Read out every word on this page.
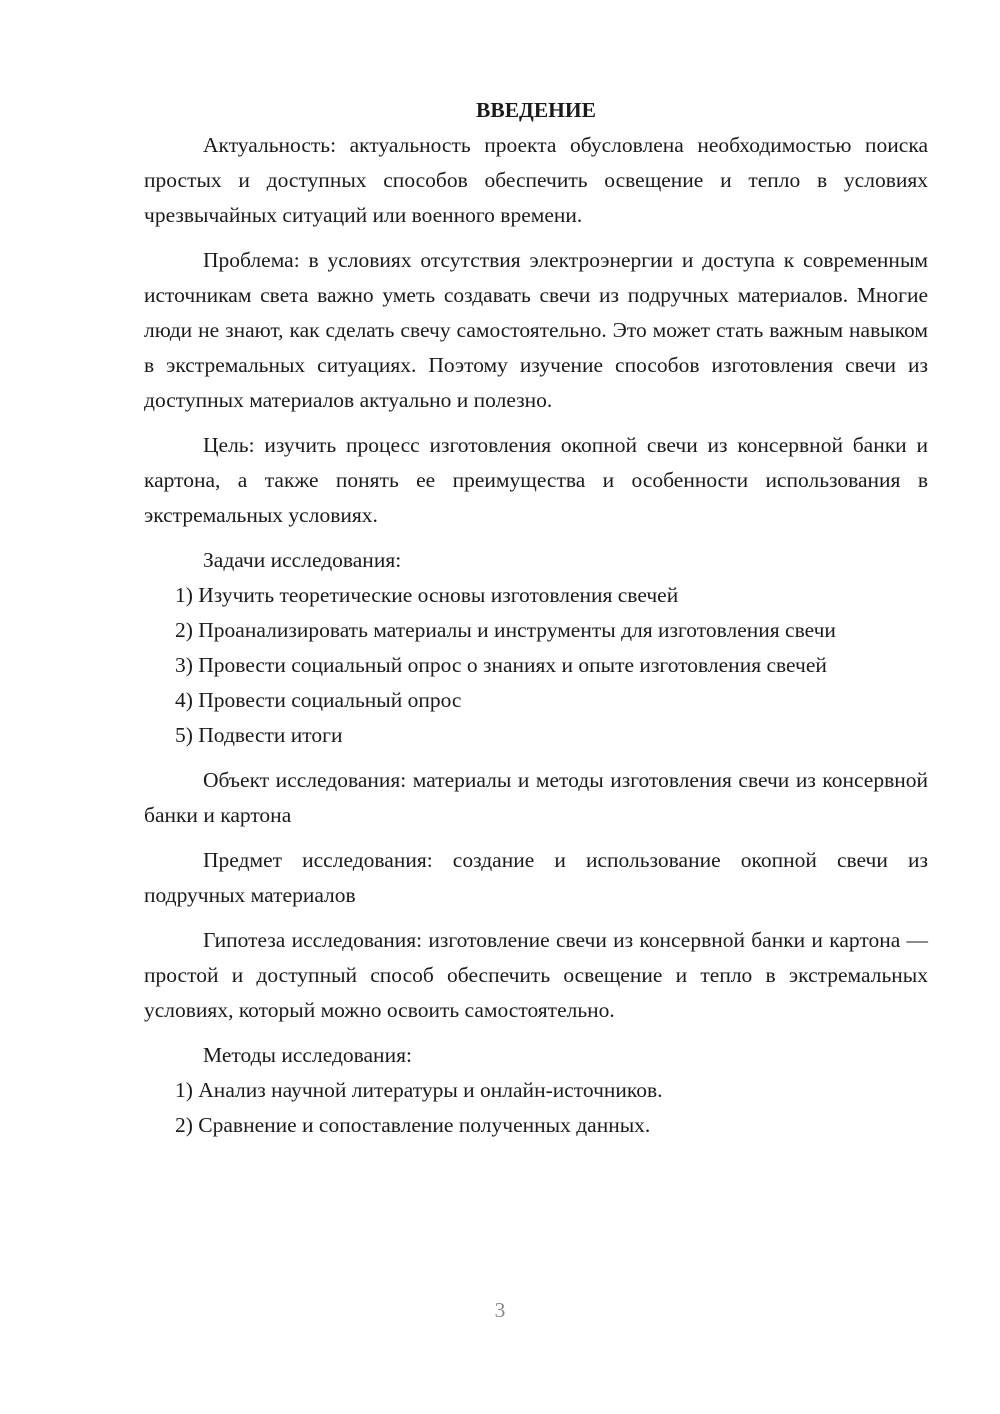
ВВЕДЕНИЕ

Актуальность: актуальность проекта обусловлена необходимостью поиска простых и доступных способов обеспечить освещение и тепло в условиях чрезвычайных ситуаций или военного времени.

Проблема: в условиях отсутствия электроэнергии и доступа к современным источникам света важно уметь создавать свечи из подручных материалов. Многие люди не знают, как сделать свечу самостоятельно. Это может стать важным навыком в экстремальных ситуациях. Поэтому изучение способов изготовления свечи из доступных материалов актуально и полезно.

Цель: изучить процесс изготовления окопной свечи из консервной банки и картона, а также понять ее преимущества и особенности использования в экстремальных условиях.

Задачи исследования:

1) Изучить теоретические основы изготовления свечей

2) Проанализировать материалы и инструменты для изготовления свечи

3) Провести социальный опрос о знаниях и опыте изготовления свечей

4) Провести социальный опрос

5) Подвести итоги

Объект исследования: материалы и методы изготовления свечи из консервной банки и картона

Предмет исследования: создание и использование окопной свечи из подручных материалов

Гипотеза исследования: изготовление свечи из консервной банки и картона — простой и доступный способ обеспечить освещение и тепло в экстремальных условиях, который можно освоить самостоятельно.

Методы исследования:

1) Анализ научной литературы и онлайн-источников.

2) Сравнение и сопоставление полученных данных.

3
